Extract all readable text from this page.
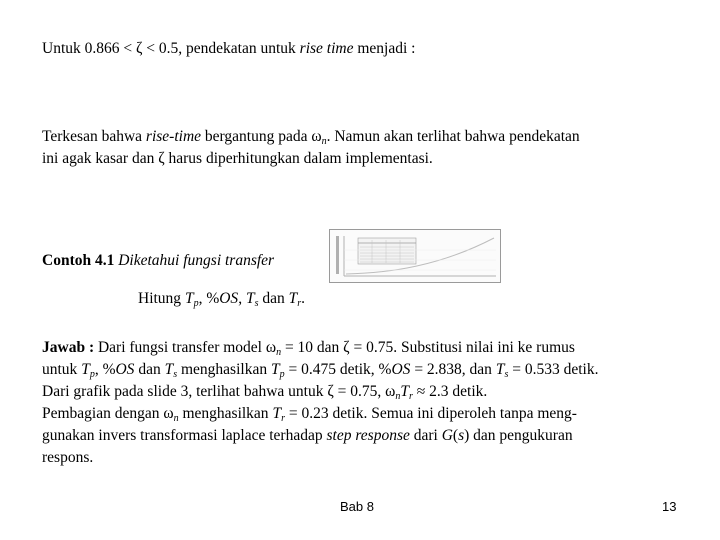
Untuk 0.866 < ζ < 0.5, pendekatan untuk rise time menjadi :
Terkesan bahwa rise-time bergantung pada $\omega_n$. Namun akan terlihat bahwa pendekatan
ini agak kasar dan ζ harus diperhitungkan dalam implementasi.
Contoh 4.1 Diketahui fungsi transfer
Hitung $T_p$, %OS, $T_s$ dan $T_r$.
Jawab : Dari fungsi transfer model $\omega_n = 10$ dan ζ = 0.75. Substitusi nilai ini ke rumus
untuk $T_p$, %OS dan $T_s$ menghasilkan $T_p = 0.475$ detik, %OS = 2.838, dan $T_s = 0.533$ detik.
Dari grafik pada slide 3, terlihat bahwa untuk ζ = 0.75, $\omega_nT_r \approx 2.3$ detik.
Pembagian dengan $\omega_n$ menghasilkan $T_r = 0.23$ detik. Semua ini diperoleh tanpa meng-
gunakan invers transformasi laplace terhadap step response dari G(s) dan pengukuran
respons.
Bab 8	13
